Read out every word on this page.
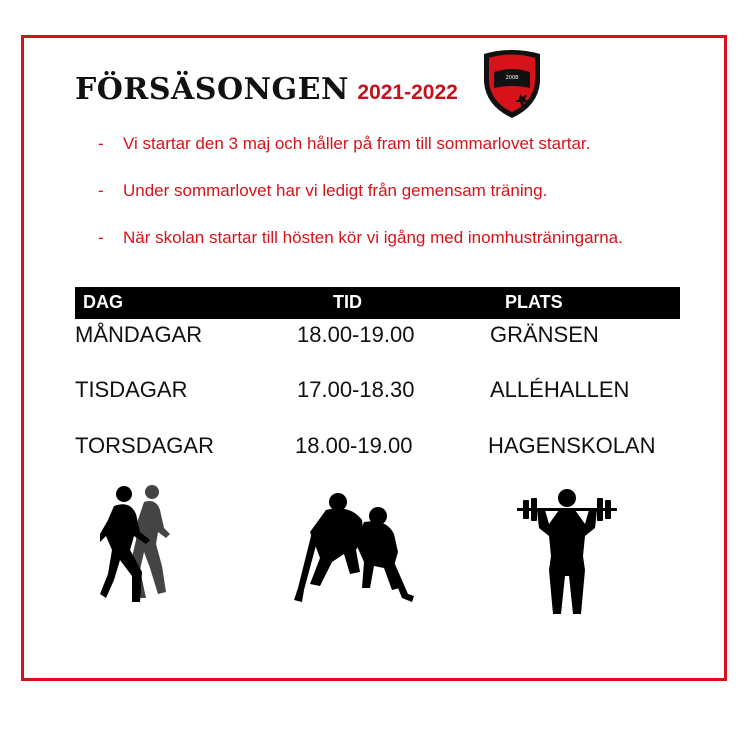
FÖRSÄSONGEN 2021-2022
2008
- Vi startar den 3 maj och håller på fram till sommarlovet startar.
- Under sommarlovet har vi ledigt från gemensam träning.
- När skolan startar till hösten kör vi igång med inomhusträningarna.
DAG	TID	PLATS
MÅNDAGAR	18.00-19.00	GRÄNSEN
TISDAGAR	17.00-18.30	ALLÉHALLEN
TORSDAGAR	18.00-19.00	HAGENSKOLAN
